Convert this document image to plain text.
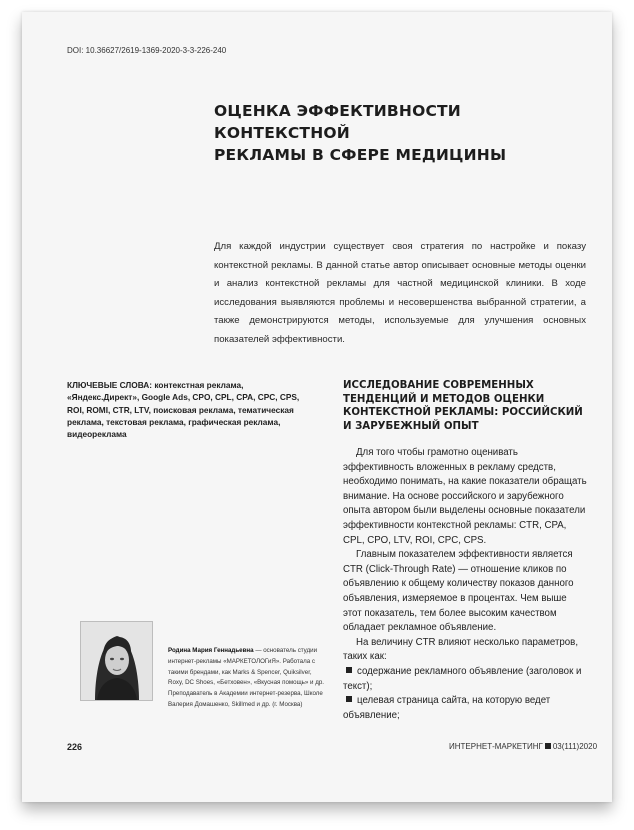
DOI: 10.36627/2619-1369-2020-3-3-226-240
ОЦЕНКА ЭФФЕКТИВНОСТИ КОНТЕКСТНОЙ
РЕКЛАМЫ В СФЕРЕ МЕДИЦИНЫ

Для каждой индустрии существует своя стратегия по настройке и показу контекстной рекламы. В данной статье автор описывает основные методы оценки и анализ контекстной рекламы для частной медицинской клиники. В ходе исследования выявляются проблемы и несовершенства выбранной стратегии, а также демонстрируются методы, используемые для улучшения основных показателей эффективности.

КЛЮЧЕВЫЕ СЛОВА: контекстная реклама, «Яндекс.Директ», Google Ads, CPO, CPL, CPA, CPC, CPS, ROI, ROMI, CTR, LTV, поисковая реклама, тематическая реклама, текстовая реклама, графическая реклама, видеореклама
ИССЛЕДОВАНИЕ СОВРЕМЕННЫХ
ТЕНДЕНЦИЙ И МЕТОДОВ ОЦЕНКИ
КОНТЕКСТНОЙ РЕКЛАМЫ: РОССИЙСКИЙ
И ЗАРУБЕЖНЫЙ ОПЫТ

Для того чтобы грамотно оценивать эффективность вложенных в рекламу средств, необходимо понимать, на какие показатели обращать внимание. На основе российского и зарубежного опыта автором были выделены основные показатели эффективности контекстной рекламы: CTR, CPA, CPL, CPO, LTV, ROI, CPC, CPS.

Главным показателем эффективности является CTR (Click-Through Rate) — отношение кликов по объявлению к общему количеству показов данного объявления, измеряемое в процентах. Чем выше этот показатель, тем более высоким качеством обладает рекламное объявление.

На величину CTR влияют несколько параметров, таких как:

содержание рекламного объявление (заголовок и текст);

целевая страница сайта, на которую ведет объявление;

Родина Мария Геннадьевна — основатель студии интернет-рекламы «МАРКЕТОЛОГиЯ». Работала с такими брендами, как Marks & Spencer, Quiksilver, Roxy, DC Shoes, «Бетховен», «Вкусная помощь» и др. Преподаватель в Академии интернет-резерва, Школе Валерия Домашенко, Skillmed и др. (г. Москва)
226	ИНТЕРНЕТ-МАРКЕТИНГ 03(111)2020
